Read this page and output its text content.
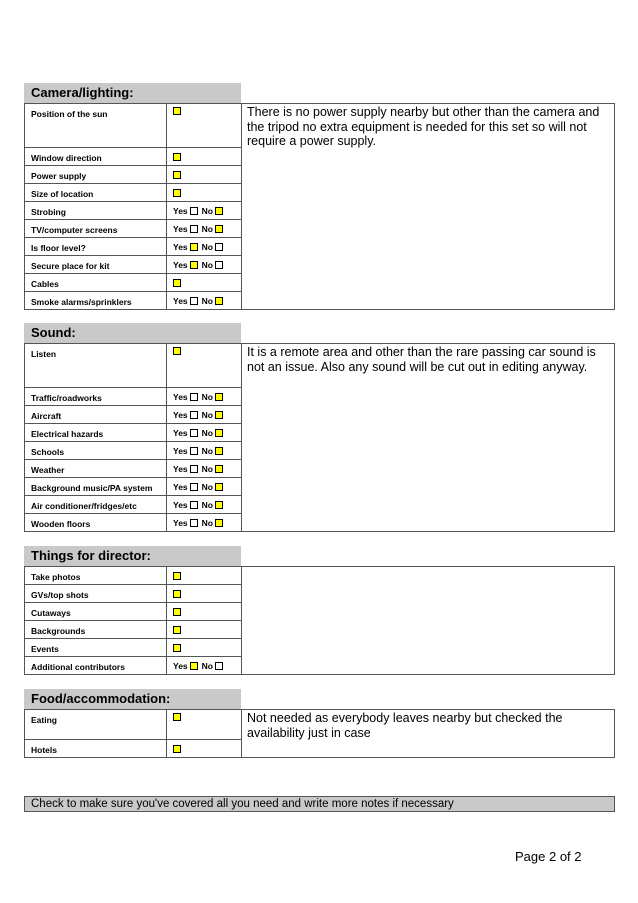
Camera/lighting:
Position of the sun
Window direction
Power supply
Size of location
Strobing	Yes No
TV/computer screens	Yes No
Is floor level?	Yes No
Secure place for kit	Yes No
Cables
Smoke alarms/sprinklers	Yes No
There is no power supply nearby but other than the camera and the tripod no extra equipment is needed for this set so will not require a power supply.
Sound:
Listen
Traffic/roadworks	Yes No
Aircraft	Yes No
Electrical hazards	Yes No
Schools	Yes No
Weather	Yes No
Background music/PA system	Yes No
Air conditioner/fridges/etc	Yes No
Wooden floors	Yes No
It is a remote area and other than the rare passing car sound is not an issue. Also any sound will be cut out in editing anyway.
Things for director:
Take photos
GVs/top shots
Cutaways
Backgrounds
Events
Additional contributors	Yes No
Food/accommodation:
Eating
Hotels
Not needed as everybody leaves nearby but checked the availability just in case
Check to make sure you've covered all you need and write more notes if necessary
Page 2 of 2
